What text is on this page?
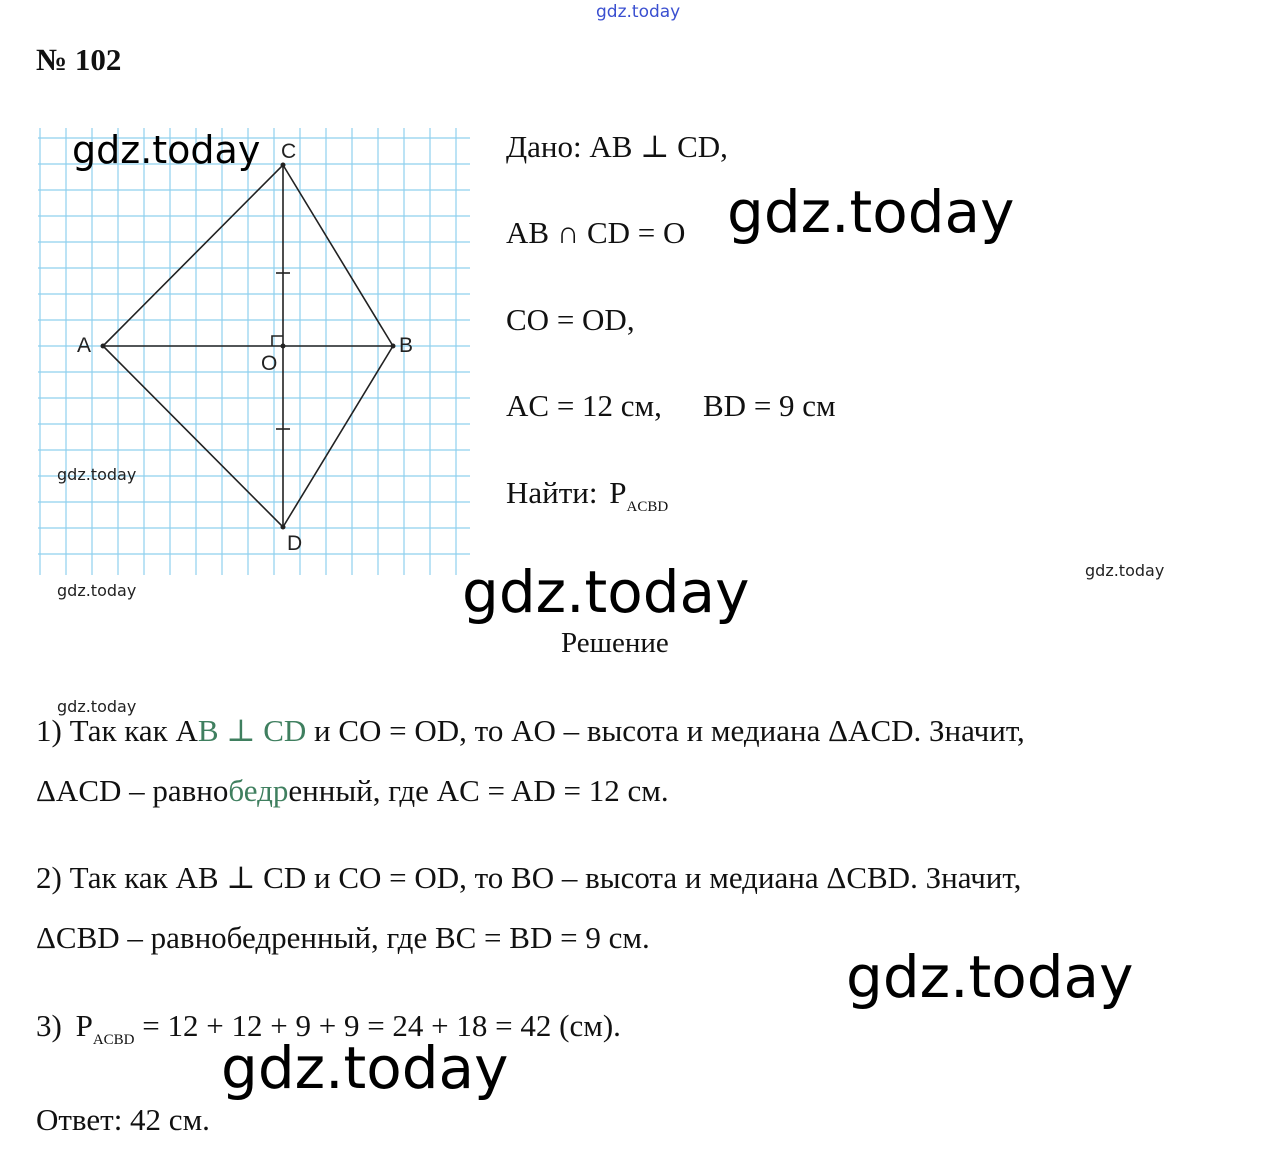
gdz.today
№ 102
A	B
C
D
O
gdz.today
gdz.today
gdz.today
Дано: AB ⊥ CD,
AB ∩ CD = O gdz.today
CO = OD,
AC = 12 см, BD = 9 см
Найти: $P_{ACBD}$
gdz.today
gdz.today
Решение
gdz.today
1) Так как AB ⊥ CD и CO = OD, то AO – высота и медиана ΔACD. Значит,
ΔACD – равнобедренный, где AC = AD = 12 см.
2) Так как AB ⊥ CD и CO = OD, то BO – высота и медиана ΔCBD. Значит,
ΔCBD – равнобедренный, где BC = BD = 9 см.
gdz.today
3) $P_{ACBD} = 12 + 12 + 9 + 9 = 24 + 18 = 42$ (см).
gdz.today
Ответ: 42 см.
